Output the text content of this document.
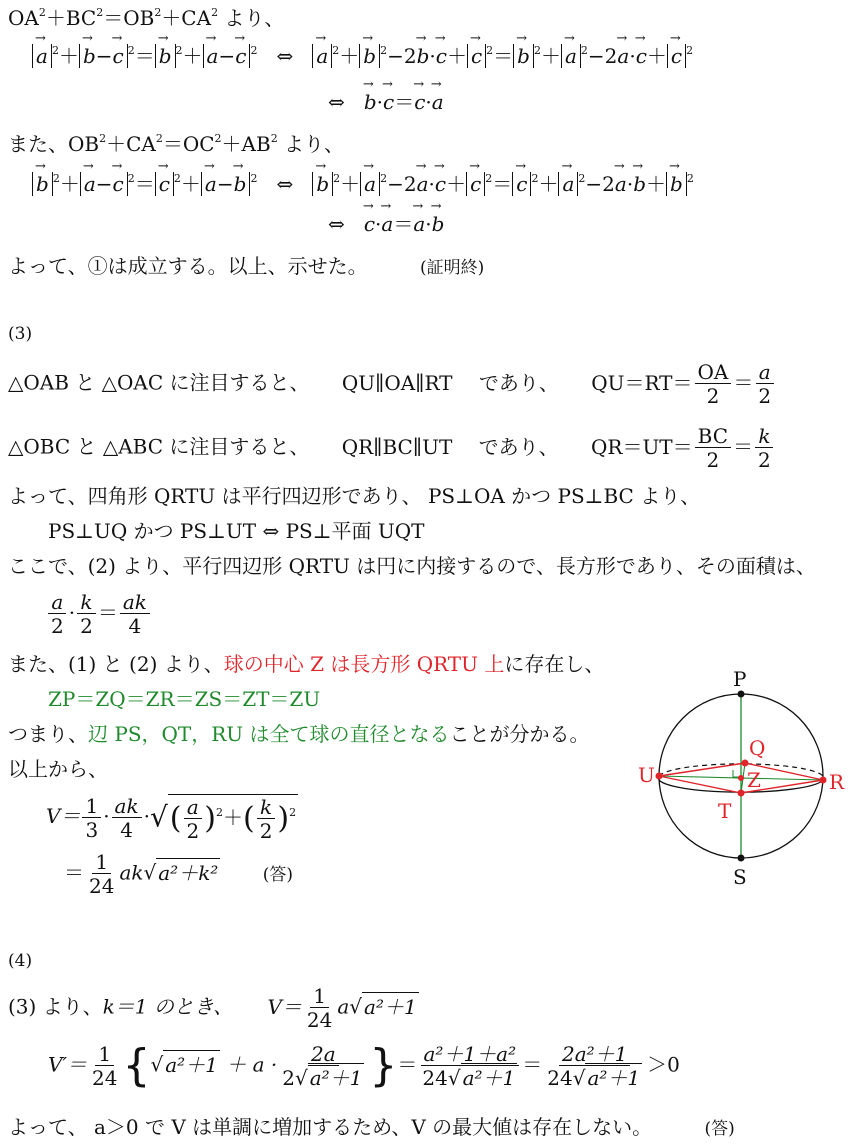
$OA^2+BC^2=OB^2+CA^2$ より、
→ a $^2$＋ → b−→ c $^2$＝ → b $^2$＋ → a−→ c $^2$   ⇔   → a $^2$＋ → b $^2$−2→ b·→ c＋ → c $^2$＝ → b $^2$＋ → a $^2$−2→ a·→ c＋ → c $^2$
⇔   → b·→ c＝→ c·→ a
また、$OB^2+CA^2=OC^2+AB^2$ より、
→ b $^2$＋ → a−→ c $^2$＝ → c $^2$＋ → a−→ b $^2$   ⇔   → b $^2$＋ → a $^2$−2→ a·→ c＋ → c $^2$＝ → c $^2$＋ → a $^2$−2→ a·→ b＋ → b $^2$
⇔   → c·→ a＝→ a·→ b
よって、①は成立する。以上、示せた。	(証明終)
(3)
△OAB と △OAC に注目すると、 QU∥OA∥RT であり、 $QU=RT= \frac{OA}{2} = \frac{a}{2}$
△OBC と △ABC に注目すると、 QR∥BC∥UT であり、 $QR=UT= \frac{BC}{2} = \frac{k}{2}$
よって、四角形 QRTU は平行四辺形であり、 PS⊥OA かつ PS⊥BC より、
PS⊥UQ かつ PS⊥UT ⇔ PS⊥平面 UQT
ここで、(2) より、平行四辺形 QRTU は円に内接するので、長方形であり、その面積は、
$\frac{a}{2} \cdot \frac{k}{2} = \frac{ak}{4}$
また、(1) と (2) より、球の中心 Z は長方形 QRTU 上に存在し、
ZP＝ZQ＝ZR＝ZS＝ZT＝ZU
つまり、辺 PS，QT，RU は全て球の直径となることが分かる。
以上から、
$V= \frac{1}{3} \cdot \frac{ak}{4}$ ·√( $\frac{a}{2} )^2+( \frac{k}{2} )^2$
＝ $\frac{1}{24} ak√$ a²＋k²	(答)
P
S
U	R
Q
Z
T
(4)
(3) より、k＝1 のとき、 $V= \frac{1}{24} a√$ a²＋1
$V'= \frac{1}{24}$ {√ $a^2+1 + a \cdot \frac{2a}{\text{2√ a²＋1}}$ }＝ $\frac{\text{a²＋1＋a²}}{\text{24√ a²＋1}} = \frac{\text{2a²＋1}}{\text{24√ a²＋1}} >0$
よって、 a＞0 で V は単調に増加するため、V の最大値は存在しない。	(答)
